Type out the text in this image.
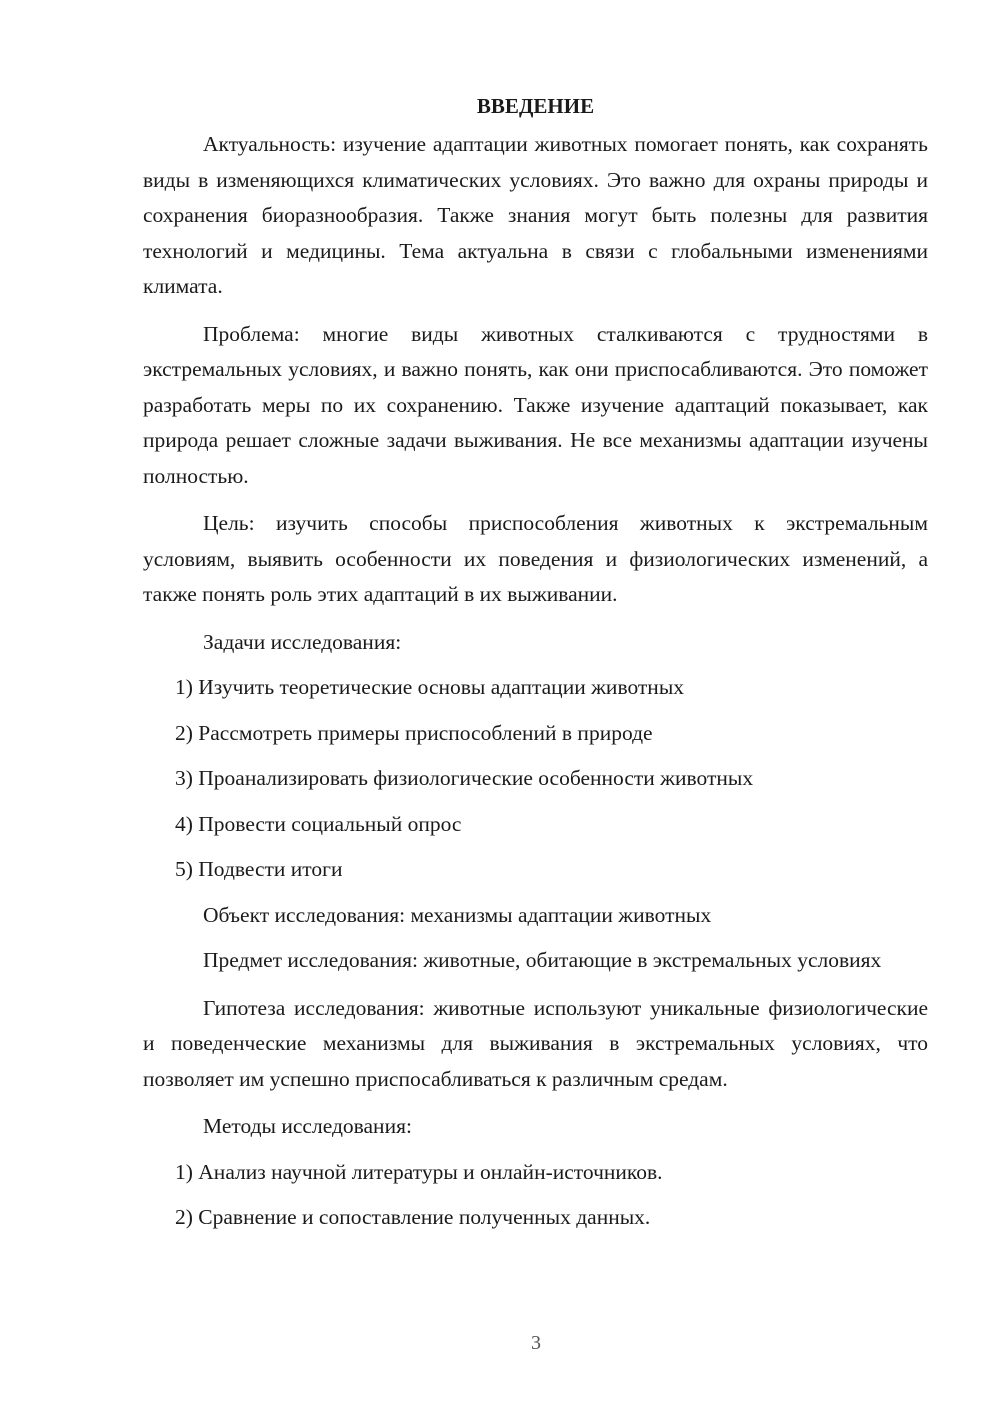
ВВЕДЕНИЕ

Актуальность: изучение адаптации животных помогает понять, как сохранять виды в изменяющихся климатических условиях. Это важно для охраны природы и сохранения биоразнообразия. Также знания могут быть полезны для развития технологий и медицины. Тема актуальна в связи с глобальными изменениями климата.

Проблема: многие виды животных сталкиваются с трудностями в экстремальных условиях, и важно понять, как они приспосабливаются. Это поможет разработать меры по их сохранению. Также изучение адаптаций показывает, как природа решает сложные задачи выживания. Не все механизмы адаптации изучены полностью.

Цель: изучить способы приспособления животных к экстремальным условиям, выявить особенности их поведения и физиологических изменений, а также понять роль этих адаптаций в их выживании.

Задачи исследования:

1) Изучить теоретические основы адаптации животных

2) Рассмотреть примеры приспособлений в природе

3) Проанализировать физиологические особенности животных

4) Провести социальный опрос

5) Подвести итоги

Объект исследования: механизмы адаптации животных

Предмет исследования: животные, обитающие в экстремальных условиях

Гипотеза исследования: животные используют уникальные физиологические и поведенческие механизмы для выживания в экстремальных условиях, что позволяет им успешно приспосабливаться к различным средам.

Методы исследования:

1) Анализ научной литературы и онлайн-источников.

2) Сравнение и сопоставление полученных данных.

3
